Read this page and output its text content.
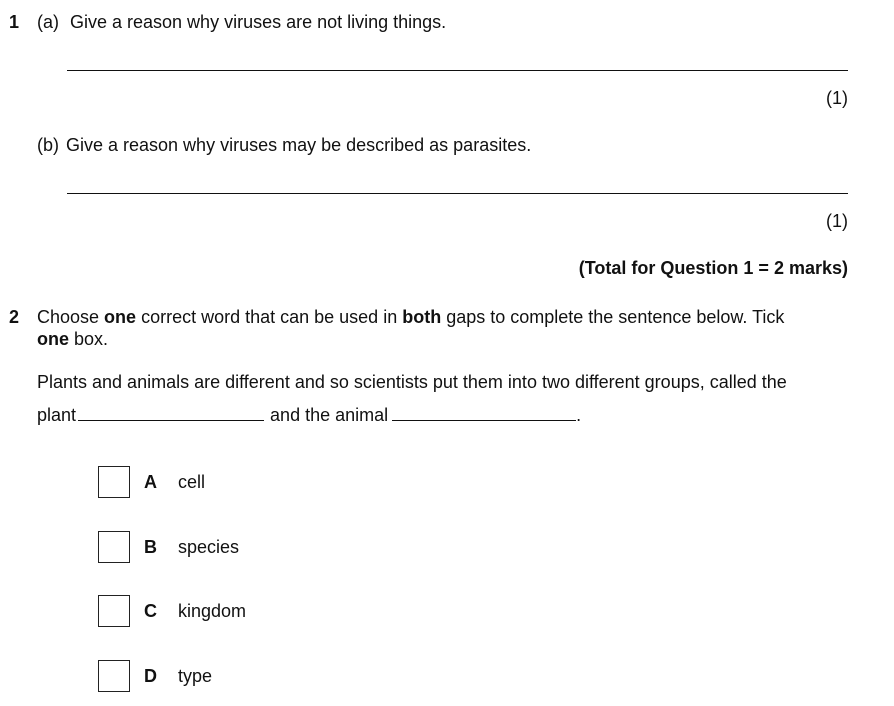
1 (a) Give a reason why viruses are not living things.
(1)
(b) Give a reason why viruses may be described as parasites.
(1)
(Total for Question 1 = 2 marks)
2 Choose one correct word that can be used in both gaps to complete the sentence below. Tick
one box.
Plants and animals are different and so scientists put them into two different groups, called the
plant	and the animal	.
A	cell
B	species
C	kingdom
D	type
